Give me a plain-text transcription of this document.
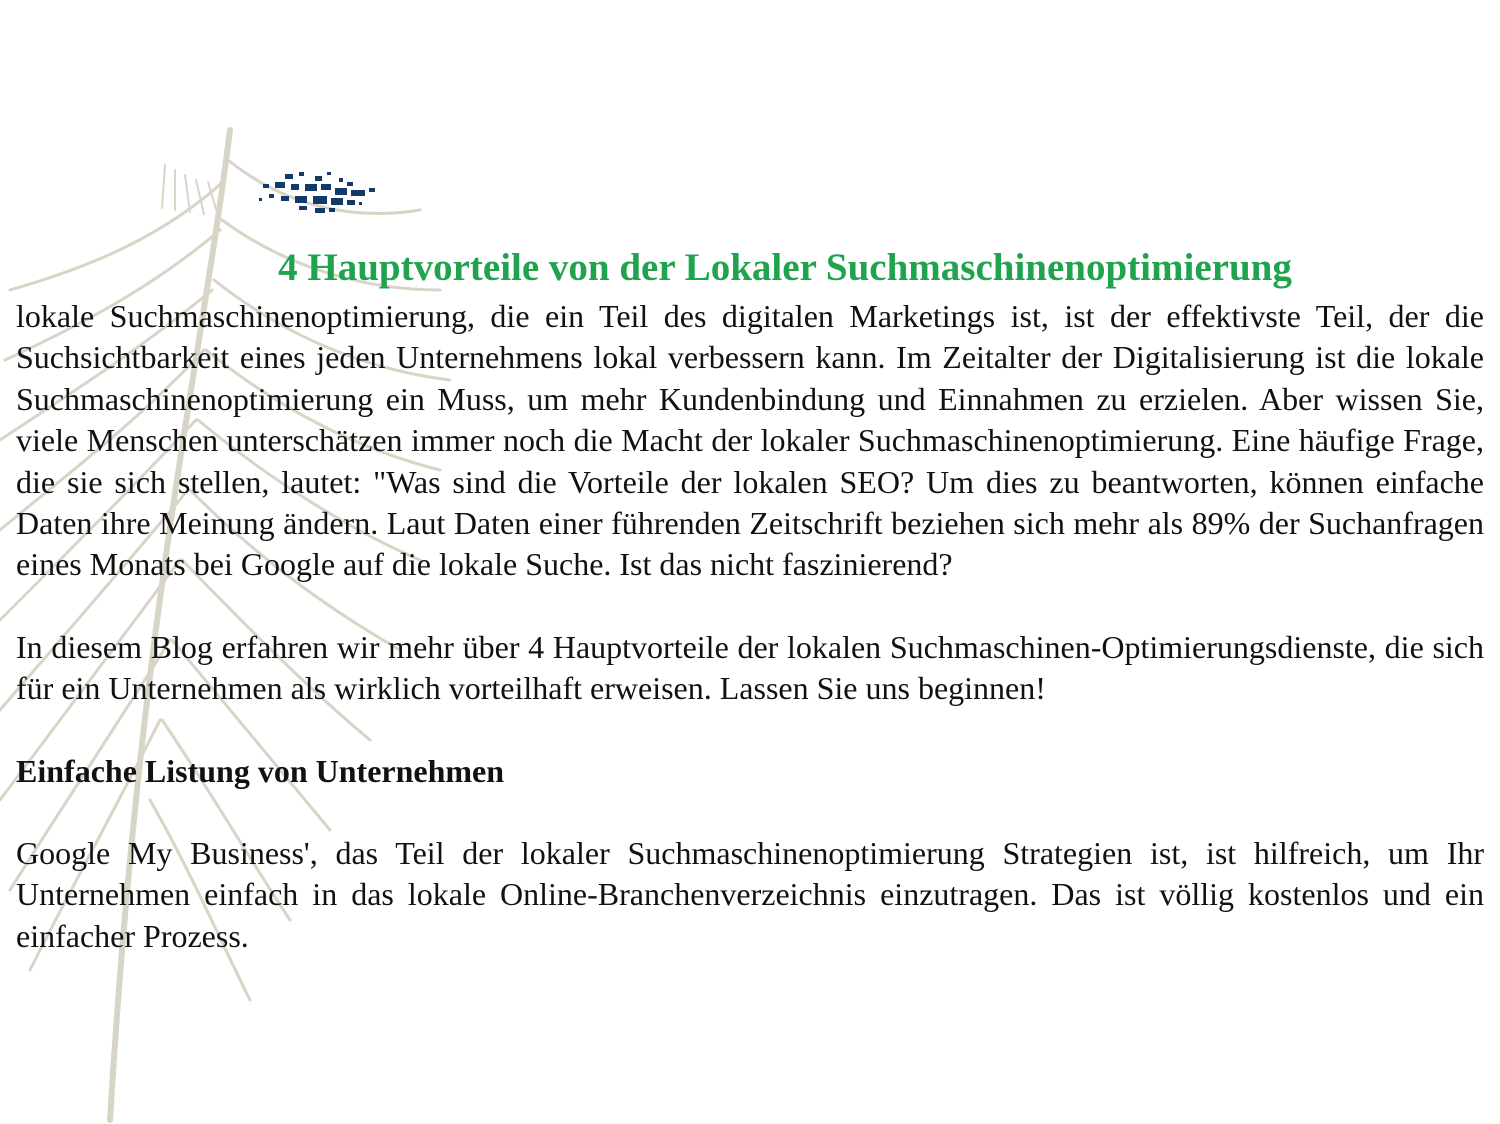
4 Hauptvorteile von der Lokaler Suchmaschinenoptimierung

lokale Suchmaschinenoptimierung, die ein Teil des digitalen Marketings ist, ist der effektivste Teil, der die Suchsichtbarkeit eines jeden Unternehmens lokal verbessern kann. Im Zeitalter der Digitalisierung ist die lokale Suchmaschinenoptimierung ein Muss, um mehr Kundenbindung und Einnahmen zu erzielen. Aber wissen Sie, viele Menschen unterschätzen immer noch die Macht der lokaler Suchmaschinenoptimierung. Eine häufige Frage, die sie sich stellen, lautet: "Was sind die Vorteile der lokalen SEO? Um dies zu beantworten, können einfache Daten ihre Meinung ändern. Laut Daten einer führenden Zeitschrift beziehen sich mehr als 89% der Suchanfragen eines Monats bei Google auf die lokale Suche. Ist das nicht faszinierend?

In diesem Blog erfahren wir mehr über 4 Hauptvorteile der lokalen Suchmaschinen-Optimierungsdienste, die sich für ein Unternehmen als wirklich vorteilhaft erweisen. Lassen Sie uns beginnen!

Einfache Listung von Unternehmen

Google My Business', das Teil der lokaler Suchmaschinenoptimierung Strategien ist, ist hilfreich, um Ihr Unternehmen einfach in das lokale Online-Branchenverzeichnis einzutragen. Das ist völlig kostenlos und ein einfacher Prozess.
